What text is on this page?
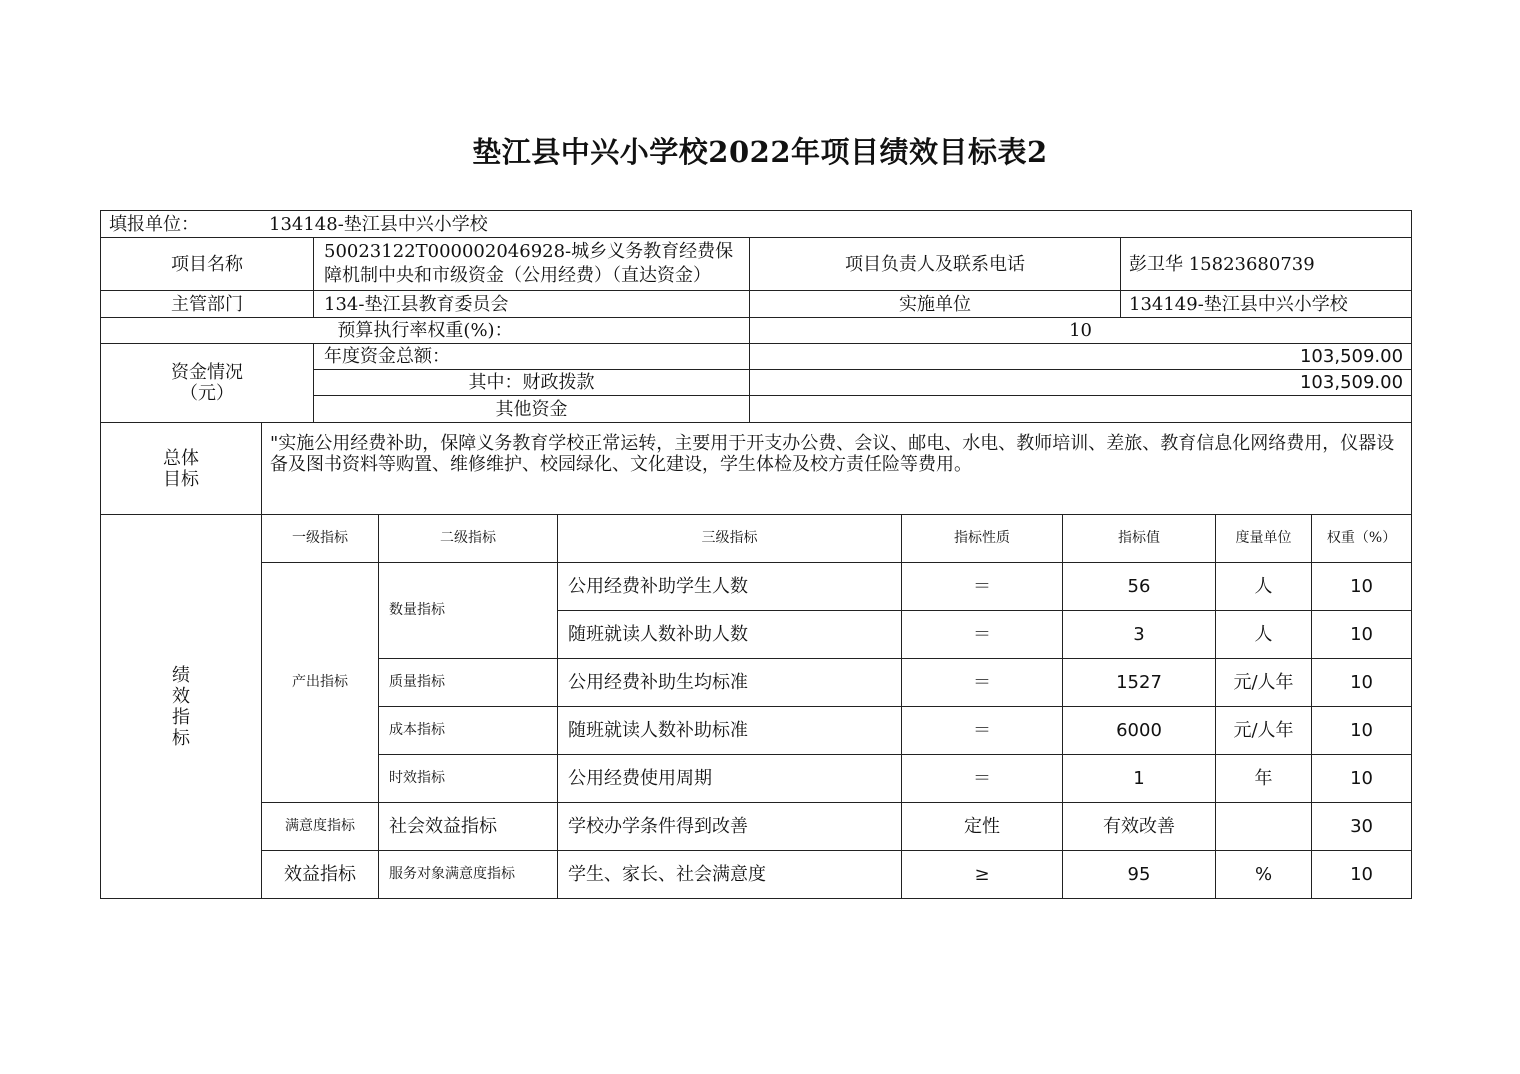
垫江县中兴小学校2022年项目绩效目标表2
填报单位： 134148-垫江县中兴小学校			
项目名称	50023122T000002046928-城乡义务教育经费保障机制中央和市级资金（公用经费）（直达资金）	项目负责人及联系电话	彭卫华 15823680739
主管部门	134-垫江县教育委员会	实施单位	134149-垫江县中兴小学校
预算执行率权重(%)：		10	

资金情况
（元）	年度资金总额：	103,509.00	
	其中：财政拨款	103,509.00	
	其他资金		
总体
目标	"实施公用经费补助，保障义务教育学校正常运转，主要用于开支办公费、会议、邮电、水电、教师培训、差旅、教育信息化网络费用，仪器设备及图书资料等购置、维修维护、校园绿化、文化建设，学生体检及校方责任险等费用。						

绩
效
指
标	一级指标	二级指标	三级指标	指标性质	指标值	度量单位	权重（%）
	产出指标	数量指标	公用经费补助学生人数	＝	56	人	10
			随班就读人数补助人数	＝	3	人	10
		质量指标	公用经费补助生均标准	＝	1527	元/人年	10
		成本指标	随班就读人数补助标准	＝	6000	元/人年	10
		时效指标	公用经费使用周期	＝	1	年	10
	满意度指标	社会效益指标	学校办学条件得到改善	定性	有效改善		30
	效益指标	服务对象满意度指标	学生、家长、社会满意度	≥	95	%	10
